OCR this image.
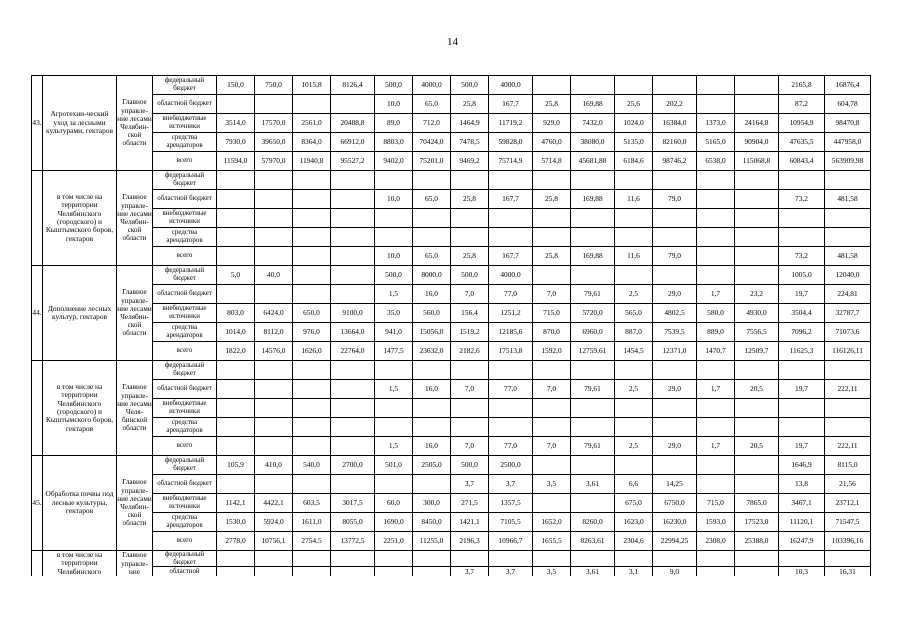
14
43.	Агротехни-ческий уход за лесными культурами, гектаров	Главное управле-ние лесами Челябин-ской области	федеральный бюджет	150,0	750,0	1015,8	8126,4	500,0	4000,0	500,0	4000,0							2165,8	16876,4
			областной бюджет					10,0	65,0	25,8	167,7	25,8	169,88	25,6	202,2			87,2	604,78
			внебюджетные источники	3514,0	17570,0	2561,0	20488,8	89,0	712,0	1464,9	11719,2	929,0	7432,0	1024,0	16384,0	1373,0	24164,8	10954,9	98470,8
			средства арендаторов	7930,0	39650,0	8364,0	66912,0	8803,0	70424,0	7478,5	59828,0	4760,0	38080,0	5135,0	82160,0	5165,0	90904,0	47635,5	447958,0
			всего	11594,0	57970,0	11940,8	95527,2	9402,0	75201,0	9469,2	75714,9	5714,8	45681,88	6184,6	98746,2	6538,0	115068,8	60843,4	563909,98
	в том числе на территории Челябинского (городского) и Кыштымского боров, гектаров	Главное управле-ние лесами Челябин-ской области	федеральный бюджет																
			областной бюджет					10,0	65,0	25,8	167,7	25,8	169,88	11,6	79,0			73,2	481,58
			внебюджетные источники																
			средства арендаторов																
			всего					10,0	65,0	25,8	167,7	25,8	169,88	11,6	79,0			73,2	481,58
44.	Дополнение лесных культур, гектаров	Главное управле-ние лесами Челябин-ской области	федеральный бюджет	5,0	40,0			500,0	8000,0	500,0	4000,0							1005,0	12040,0
			областной бюджет					1,5	16,0	7,0	77,0	7,0	79,61	2,5	29,0	1,7	23,2	19,7	224,81
			внебюджетные источники	803,0	6424,0	650,0	9100,0	35,0	560,0	156,4	1251,2	715,0	5720,0	565,0	4802,5	580,0	4930,0	3504,4	32787,7
			средства арендаторов	1014,0	8112,0	976,0	13664,0	941,0	15056,0	1519,2	12185,6	870,0	6960,0	887,0	7539,5	889,0	7556,5	7096,2	71073,6
			всего	1822,0	14576,0	1626,0	22764,0	1477,5	23632,0	2182,6	17513,8	1592,0	12759,61	1454,5	12371,0	1470,7	12509,7	11625,3	116126,11
	в том числе на территории Челябинского (городского) и Кыштымского боров, гектаров	Главное управле-ние лесами Челя-бинской области	федеральный бюджет																
			областной бюджет					1,5	16,0	7,0	77,0	7,0	79,61	2,5	29,0	1,7	20,5	19,7	222,11
			внебюджетные источники																
			средства арендаторов																
			всего					1,5	16,0	7,0	77,0	7,0	79,61	2,5	29,0	1,7	20,5	19,7	222,11
45.	Обработка почвы под лесные культуры, гектаров	Главное управле-ние лесами Челябин-ской области	федеральный бюджет	105,9	410,0	540,0	2700,0	501,0	2505,0	500,0	2500,0							1646,9	8115,0
			областной бюджет							3,7	3,7	3,5	3,61	6,6	14,25			13,8	21,56
			внебюджетные источники	1142,1	4422,1	603,5	3017,5	60,0	300,0	271,5	1357,5			675,0	6750,0	715,0	7865,0	3467,1	23712,1
			средства арендаторов	1530,0	5924,0	1611,0	8055,0	1690,0	8450,0	1421,1	7105,5	1652,0	8260,0	1623,0	16230,0	1593,0	17523,0	11120,1	71547,5
			всего	2778,0	10756,1	2754,5	13772,5	2251,0	11255,0	2196,3	10966,7	1655,5	8263,61	2304,6	22994,25	2308,0	25388,0	16247,9	103396,16
	в том числе на территории Челябинского	Главное управле-ние	федеральный бюджет																
			областной							3,7	3,7	3,5	3,61	3,1	9,0			10,3	16,31
